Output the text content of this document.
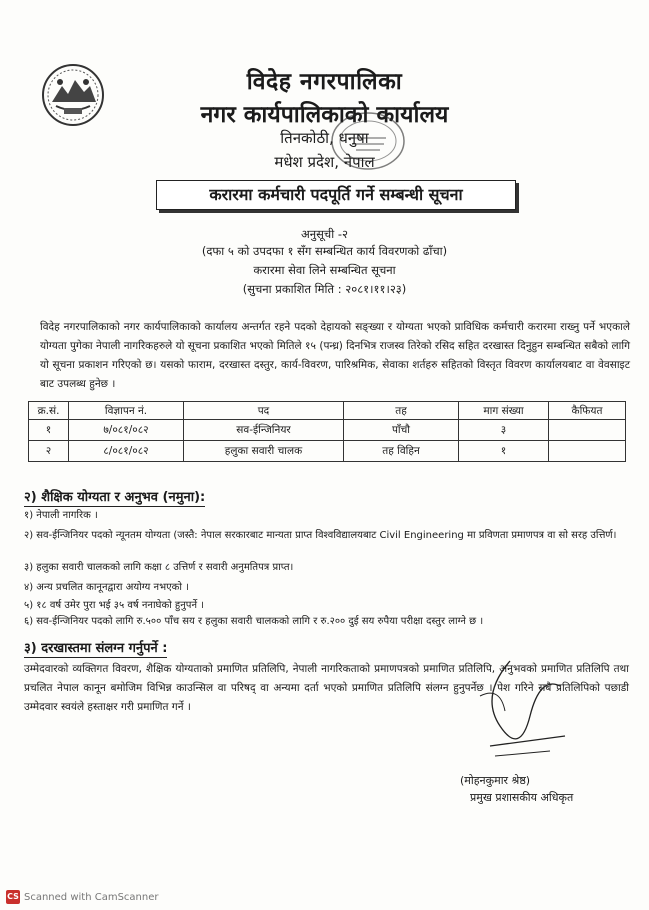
विदेह नगरपालिका
नगर कार्यपालिकाको कार्यालय
तिनकोठी, धनुषा
मधेश प्रदेश, नेपाल
करारमा कर्मचारी पदपूर्ति गर्ने सम्बन्धी सूचना
अनुसूची -२
(दफा ५ को उपदफा १ सँग सम्बन्धित कार्य विवरणको ढाँचा)
करारमा सेवा लिने सम्बन्धित सूचना
(सुचना प्रकाशित मिति : २०८१।११।२३)
विदेह नगरपालिकाको नगर कार्यपालिकाको कार्यालय अन्तर्गत रहने पदको देहायको सङ्ख्या र योग्यता भएको प्राविधिक कर्मचारी करारमा राख्नु पर्ने भएकाले योग्यता पुगेका नेपाली नागरिकहरुले यो सूचना प्रकाशित भएको मितिले १५ (पन्ध्र) दिनभित्र राजस्व तिरेको रसिद सहित दरखास्त दिनुहुन सम्बन्धित सबैको लागि यो सूचना प्रकाशन गरिएको छ। यसको फाराम, दरखास्त दस्तुर, कार्य-विवरण, पारिश्रमिक, सेवाका शर्तहरु सहितको विस्तृत विवरण कार्यालयबाट वा वेवसाइट बाट उपलब्ध हुनेछ ।
क्र.सं.	विज्ञापन नं.	पद	तह	माग संख्या	कैफियत
१	७/०८१/०८२	सव-ईन्जिनियर	पाँचौ	३	
२	८/०८१/०८२	हलुका सवारी चालक	तह विहिन	१	
२) शैक्षिक योग्यता र अनुभव (नमुना):
१) नेपाली नागरिक ।
२) सव-ईन्जिनियर पदको न्यूनतम योग्यता (जस्तै: नेपाल सरकारबाट मान्यता प्राप्त विश्वविद्यालयबाट Civil Engineering मा प्रविणता प्रमाणपत्र वा सो सरह उत्तिर्ण।
३) हलुका सवारी चालकको लागि कक्षा ८ उत्तिर्ण र सवारी अनुमतिपत्र प्राप्त।
४) अन्य प्रचलित कानूनद्वारा अयोग्य नभएको ।
५) १८ वर्ष उमेर पुरा भई ३५ वर्ष ननाघेको हुनुपर्ने ।
६) सव-ईन्जिनियर पदको लागि रु.५०० पाँच सय र हलुका सवारी चालकको लागि र रु.२०० दुई सय रुपैया परीक्षा दस्तुर लाग्ने छ ।
३) दरखास्तमा संलग्न गर्नुपर्ने :
उम्मेदवारको व्यक्तिगत विवरण, शैक्षिक योग्यताको प्रमाणित प्रतिलिपि, नेपाली नागरिकताको प्रमाणपत्रको प्रमाणित प्रतिलिपि, अनुभवको प्रमाणित प्रतिलिपि तथा प्रचलित नेपाल कानून बमोजिम विभिन्न काउन्सिल वा परिषद् वा अन्यमा दर्ता भएको प्रमाणित प्रतिलिपि संलग्न हुनुपर्नेछ । पेश गरिने सबै प्रतिलिपिको पछाडी उम्मेदवार स्वयंले हस्ताक्षर गरी प्रमाणित गर्ने ।
(मोहनकुमार श्रेष्ठ)
प्रमुख प्रशासकीय अधिकृत
CS Scanned with CamScanner
